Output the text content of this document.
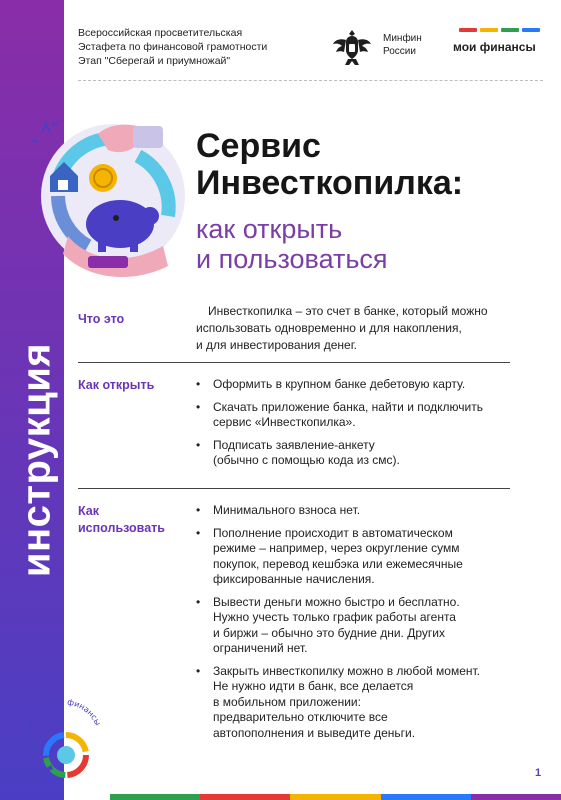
инструкция
Всероссийская просветительская
Эстафета по финансовой грамотности
Этап "Сберегай и приумножай"
Минфин
России	мои финансы
Сервис
Инвесткопилка:
как открыть
и пользоваться
Что это
Инвесткопилка – это счет в банке, который можно
использовать одновременно и для накопления,
и для инвестирования денег.
Как открыть
•	Оформить в крупном банке дебетовую карту.
• Скачать приложение банка, найти и подключить
сервис «Инвесткопилка».
• Подписать заявление-анкету
(обычно с помощью кода из смс).
Как
использовать
• Минимального взноса нет.
• Пополнение происходит в автоматическом
режиме – например, через округление сумм
покупок, перевод кешбэка или ежемесячные
фиксированные начисления.
• Вывести деньги можно быстро и бесплатно.
Нужно учесть только график работы агента
и биржи – обычно это будние дни. Других
ограничений нет.
• Закрыть инвесткопилку можно в любой момент.
Не нужно идти в банк, все делается
в мобильном приложении:
предварительно отключите все
автопополнения и выведите деньги.
Эстафета Мои финансы
1
